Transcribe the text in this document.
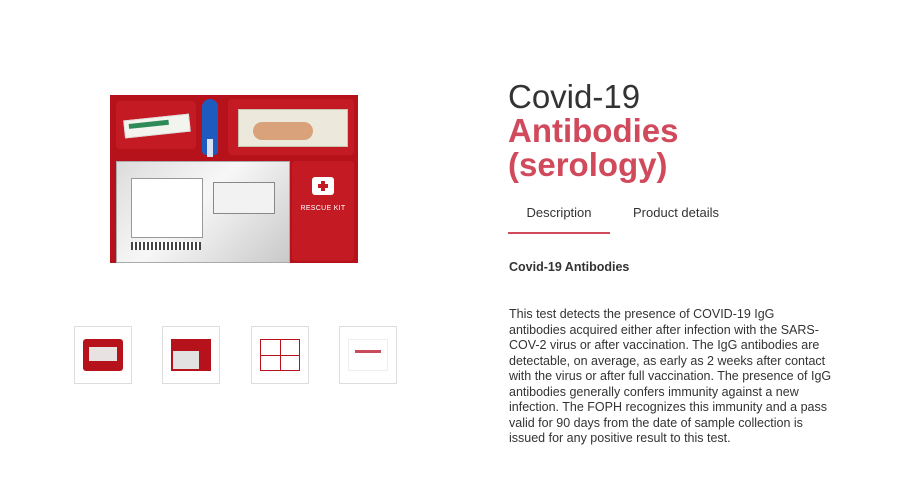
RESCUE KIT
Covid-19
Antibodies (serology)
Description	Product details
Covid-19 Antibodies

This test detects the presence of COVID-19 IgG antibodies acquired either after infection with the SARS-COV-2 virus or after vaccination. The IgG antibodies are detectable, on average, as early as 2 weeks after contact with the virus or after full vaccination. The presence of IgG antibodies generally confers immunity against a new infection. The FOPH recognizes this immunity and a pass valid for 90 days from the date of sample collection is issued for any positive result to this test.
